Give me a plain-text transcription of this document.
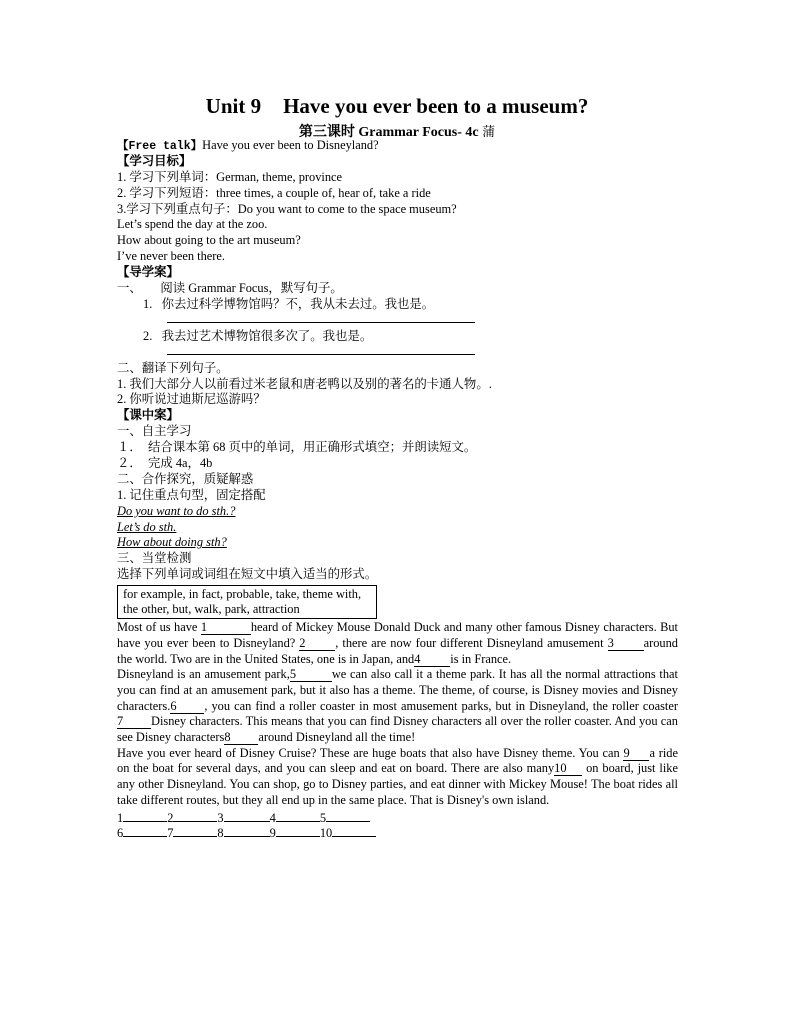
Unit 9 Have you ever been to a museum?
第三课时 Grammar Focus- 4c 蒲
【Free talk】Have you ever been to Disneyland?
【学习目标】
1. 学习下列单词：German, theme, province
2. 学习下列短语：three times, a couple of, hear of, take a ride
3.学习下列重点句子：Do you want to come to the space museum?
Let’s spend the day at the zoo.
How about going to the art museum?
I’ve never been there.
【导学案】
一、      阅读 Grammar Focus，默写句子。
1.   你去过科学博物馆吗？不，我从未去过。我也是。
2.   我去过艺术博物馆很多次了。我也是。
二、翻译下列句子。
1. 我们大部分人以前看过米老鼠和唐老鸭以及别的著名的卡通人物。.
2. 你听说过迪斯尼巡游吗？
【课中案】
一、自主学习
１．  结合课本第 68 页中的单词，用正确形式填空；并朗读短文。
２．  完成 4a，4b
二、合作探究，质疑解惑
1. 记住重点句型，固定搭配
Do you want to do sth.?
Let’s do sth.
How about doing sth?
三、当堂检测
选择下列单词或词组在短文中填入适当的形式。
for example, in fact, probable, take, theme with, the other, but, walk, park, attraction
Most of us have 1	heard of Mickey Mouse Donald Duck and many other famous Disney characters. But have you ever been to Disneyland? 2 , there are now four different Disneyland amusement 3 around the world. Two are in the United States, one is in Japan, and4 is in France.
Disneyland is an amusement park,5	we can also call it a theme park. It has all the normal attractions that you can find at an amusement park, but it also has a theme. The theme, of course, is Disney movies and Disney characters.6 , you can find a roller coaster in most amusement parks, but in Disneyland, the roller coaster 7 Disney characters. This means that you can find Disney characters all over the roller coaster. And you can see Disney characters8 around Disneyland all the time!
Have you ever heard of Disney Cruise? These are huge boats that also have Disney theme. You can 9 a ride on the boat for several days, and you can sleep and eat on board. There are also many10 on board, just like any other Disneyland. You can shop, go to Disney parties, and eat dinner with Mickey Mouse! The boat rides all take different routes, but they all end up in the same place. That is Disney's own island.
1	2	3	4	5
6	7	8	9	10
